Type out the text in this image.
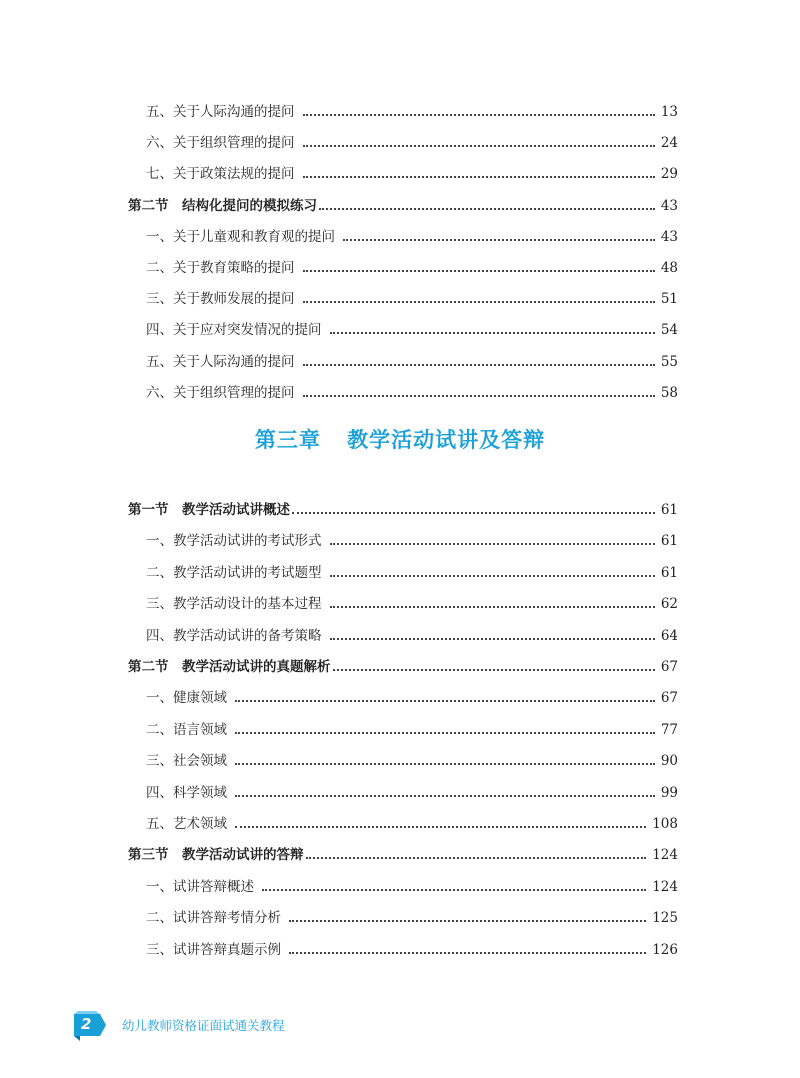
五、关于人际沟通的提问	13
六、关于组织管理的提问	24
七、关于政策法规的提问	29
第二节　结构化提问的模拟练习	43
一、关于儿童观和教育观的提问	43
二、关于教育策略的提问	48
三、关于教师发展的提问	51
四、关于应对突发情况的提问	54
五、关于人际沟通的提问	55
六、关于组织管理的提问	58
第一节　教学活动试讲概述	61
一、教学活动试讲的考试形式	61
二、教学活动试讲的考试题型	61
三、教学活动设计的基本过程	62
四、教学活动试讲的备考策略	64
第二节　教学活动试讲的真题解析	67
一、健康领域	67
二、语言领域	77
三、社会领域	90
四、科学领域	99
五、艺术领域	108
第三节　教学活动试讲的答辩	124
一、试讲答辩概述	124
二、试讲答辩考情分析	125
三、试讲答辩真题示例	126
第三章 教学活动试讲及答辩
2 幼儿教师资格证面试通关教程
